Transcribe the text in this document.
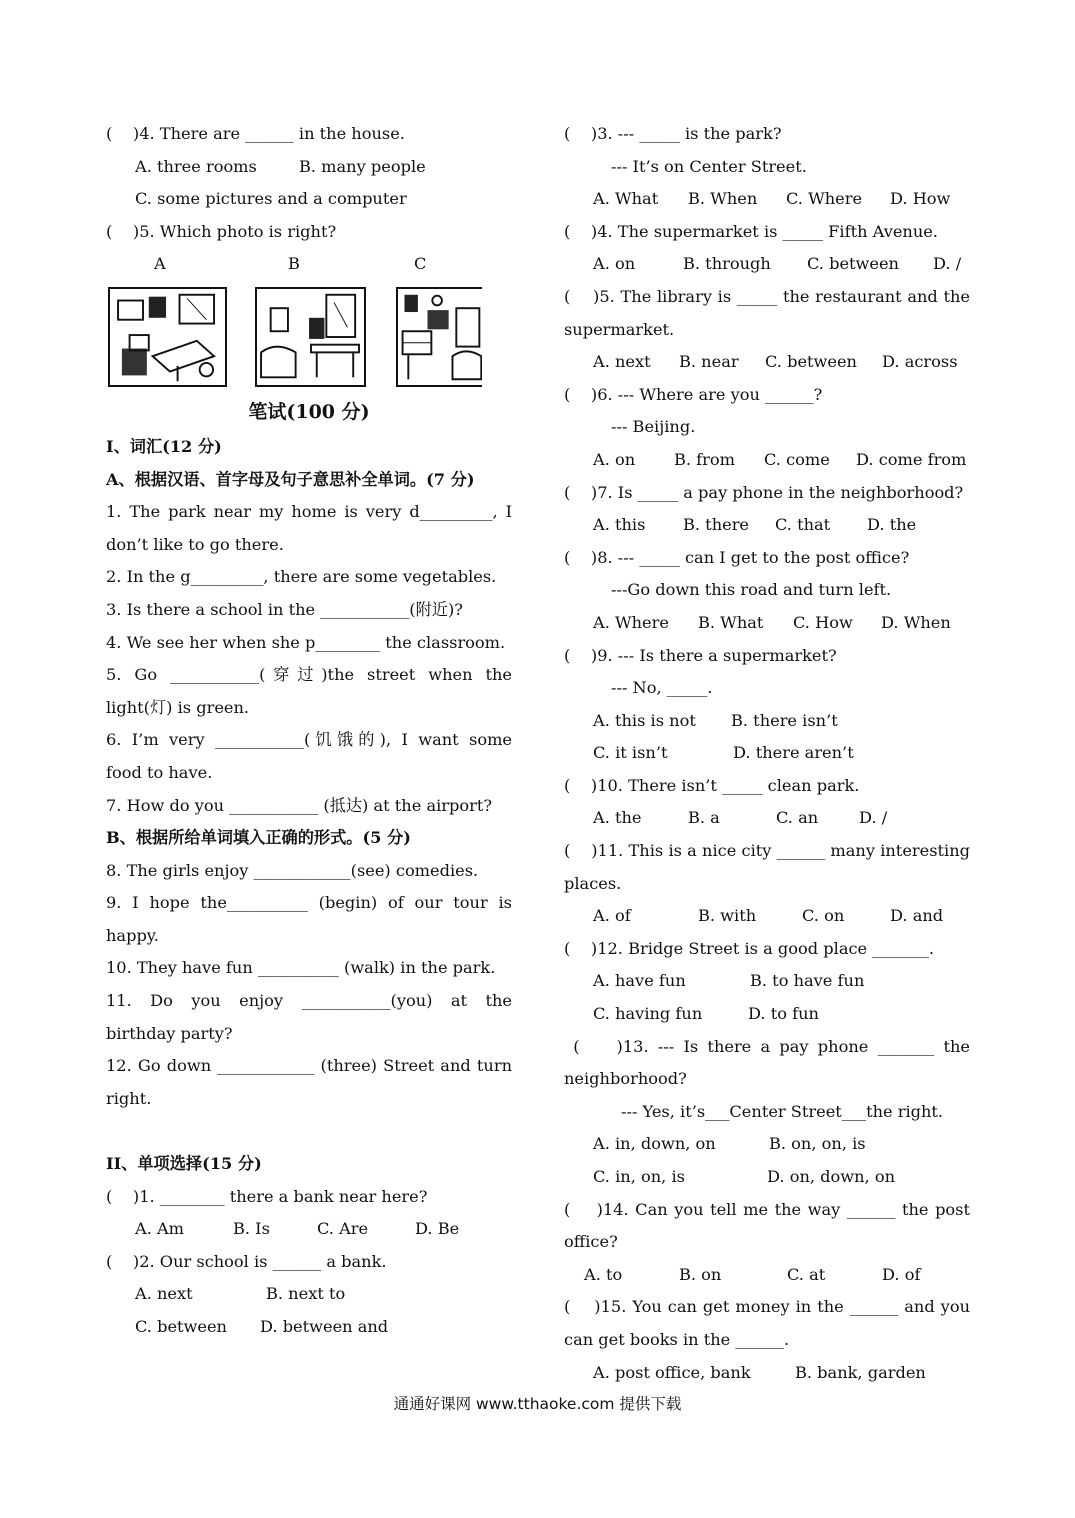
(    )4. There are ______ in the house.
A. three rooms	B. many people
C. some pictures and a computer
(    )5. Which photo is right?
A	B	C
笔试(100 分)
I、词汇(12 分)
A、根据汉语、首字母及句子意思补全单词。(7 分)
1. The park near my home is very d_________, I
don’t like to go there.
2. In the g_________, there are some vegetables.
3. Is there a school in the ___________(附近)?
4. We see her when she p________ the classroom.
5. Go ___________(穿过)the street when the
light(灯) is green.
6. I’m very ___________(饥饿的), I want some
food to have.
7. How do you ___________ (抵达) at the airport?
B、根据所给单词填入正确的形式。(5 分)
8. The girls enjoy ____________(see) comedies.
9. I hope the__________ (begin) of our tour is
happy.
10. They have fun __________ (walk) in the park.
11. Do you enjoy ___________(you) at the
birthday party?
12. Go down ____________ (three) Street and turn
right.
II、单项选择(15 分)
(    )1. ________ there a bank near here?
A. Am	B. Is	C. Are	D. Be
(    )2. Our school is ______ a bank.
A. next	B. next to
C. between	D. between and
(    )3. --- _____ is the park?
--- It’s on Center Street.
A. What	B. When	C. Where	D. How
(    )4. The supermarket is _____ Fifth Avenue.
A. on	B. through	C. between	D. /
(    )5. The library is _____ the restaurant and the
supermarket.
A. next	B. near	C. between	D. across
(    )6. --- Where are you ______?
--- Beijing.
A. on	B. from	C. come	D. come from
(    )7. Is _____ a pay phone in the neighborhood?
A. this	B. there	C. that	D. the
(    )8. --- _____ can I get to the post office?
---Go down this road and turn left.
A. Where	B. What	C. How	D. When
(    )9. --- Is there a supermarket?
--- No, _____.
A. this is not	B. there isn’t
C. it isn’t	D. there aren’t
(    )10. There isn’t _____ clean park.
A. the	B. a	C. an	D. /
(    )11. This is a nice city ______ many interesting
places.
A. of	B. with	C. on	D. and
(    )12. Bridge Street is a good place _______.
A. have fun	B. to have fun
C. having fun	D. to fun
(    )13. --- Is there a pay phone _______ the
neighborhood?
--- Yes, it’s___Center Street___the right.
A. in, down, on	B. on, on, is
C. in, on, is	D. on, down, on
(    )14. Can you tell me the way ______ the post
office?
A. to	B. on	C. at	D. of
(    )15. You can get money in the ______ and you
can get books in the ______.
A. post office, bank	B. bank, garden
通通好课网 www.tthaoke.com 提供下载
